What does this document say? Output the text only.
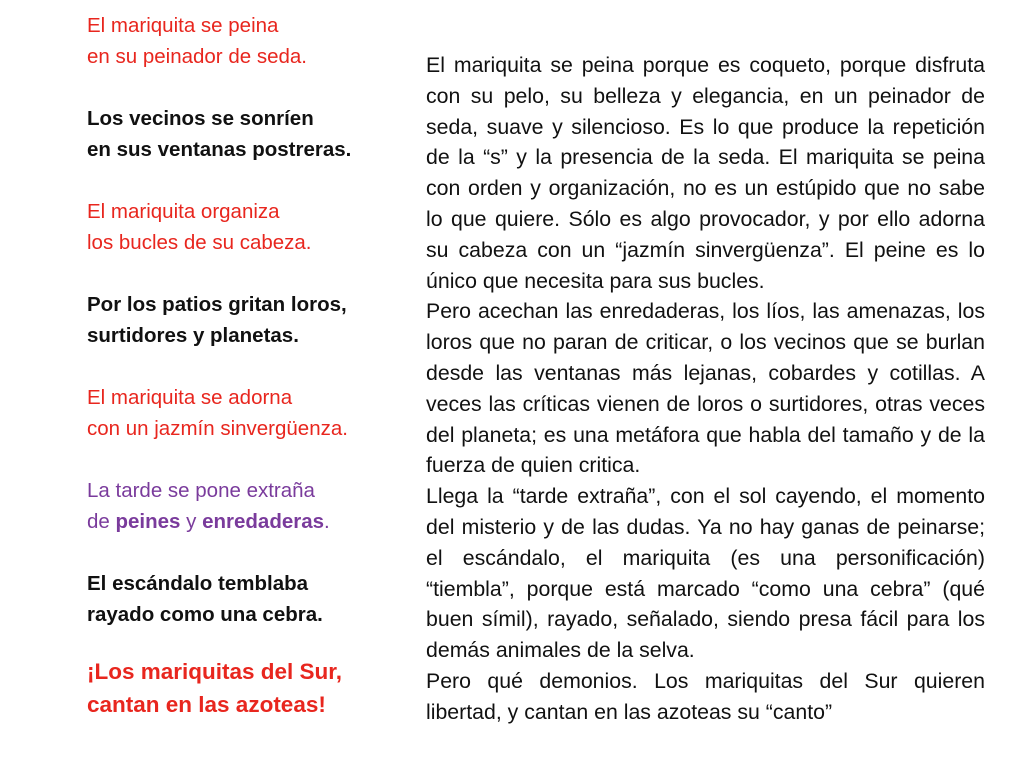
El mariquita se peina

en su peinador de seda.

Los vecinos se sonríen

en sus ventanas postreras.

El mariquita organiza

los bucles de su cabeza.

Por los patios gritan loros,

surtidores y planetas.

El mariquita se adorna

con un jazmín sinvergüenza.

La tarde se pone extraña

de peines y enredaderas.

El escándalo temblaba

rayado como una cebra.

¡Los mariquitas del Sur,

cantan en las azoteas!

El mariquita se peina porque es coqueto, porque disfruta con su pelo, su belleza y elegancia, en un peinador de seda, suave y silencioso. Es lo que produce la repetición de la “s” y la presencia de la seda. El mariquita se peina con orden y organización, no es un estúpido que no sabe lo que quiere. Sólo es algo provocador, y por ello adorna su cabeza con un “jazmín sinvergüenza”. El peine es lo único que necesita para sus bucles.

Pero acechan las enredaderas, los líos, las amenazas, los loros que no paran de criticar, o los vecinos que se burlan desde las ventanas más lejanas, cobardes y cotillas. A veces las críticas vienen de loros o surtidores, otras veces del planeta; es una metáfora que habla del tamaño y de la fuerza de quien critica.

Llega la “tarde extraña”, con el sol cayendo, el momento del misterio y de las dudas. Ya no hay ganas de peinarse; el escándalo, el mariquita (es una personificación) “tiembla”, porque está marcado “como una cebra” (qué buen símil), rayado, señalado, siendo presa fácil para los demás animales de la selva.

Pero qué demonios. Los mariquitas del Sur quieren libertad, y cantan en las azoteas su “canto”
